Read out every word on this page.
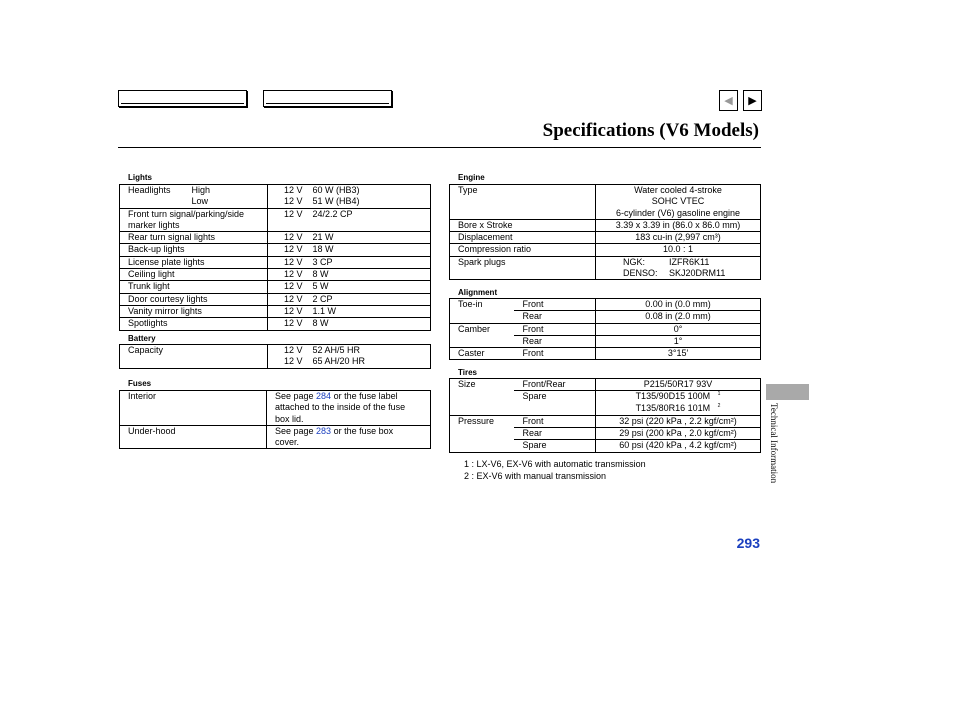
◀ ▶
Specifications (V6 Models)
Lights
Headlights	High	12 V	60 W (HB3)
	Low	12 V	51 W (HB4)
Front turn signal/parking/side marker lights		12 V	24/2.2 CP
Rear turn signal lights		12 V	21 W
Back-up lights		12 V	18 W
License plate lights		12 V	3 CP
Ceiling light		12 V	8 W
Trunk light		12 V	5 W
Door courtesy lights		12 V	2 CP
Vanity mirror lights		12 V	1.1 W
Spotlights		12 V	8 W
Battery
Capacity	12 V	52 AH/5 HR
	12 V	65 AH/20 HR
Fuses
Interior	See page 284 or the fuse label attached to the inside of the fuse box lid.
Under-hood	See page 283 or the fuse box cover.
Engine
Type	Water cooled 4-stroke
SOHC VTEC
6-cylinder (V6) gasoline engine

Bore x Stroke	3.39 x 3.39 in (86.0 x 86.0 mm)
Displacement	183 cu-in (2,997 cm³)
Compression ratio	10.0 : 1
Spark plugs	NGK: IZFR6K11
DENSO: SKJ20DRM11
Alignment
Toe-in	Front	0.00 in (0.0 mm)
	Rear	0.08 in (2.0 mm)
Camber	Front	0°
	Rear	1°
Caster	Front	3°15′
Tires
Size	Front/Rear	P215/50R17 93V
	Spare	T135/90D15 100M $^1$
T135/80R16 101M $^2$

Pressure	Front	32 psi (220 kPa , 2.2 kgf/cm²)
	Rear	29 psi (200 kPa , 2.0 kgf/cm²)
	Spare	60 psi (420 kPa , 4.2 kgf/cm²)
1 : LX-V6, EX-V6 with automatic transmission
2 : EX-V6 with manual transmission	Technical Information
293
